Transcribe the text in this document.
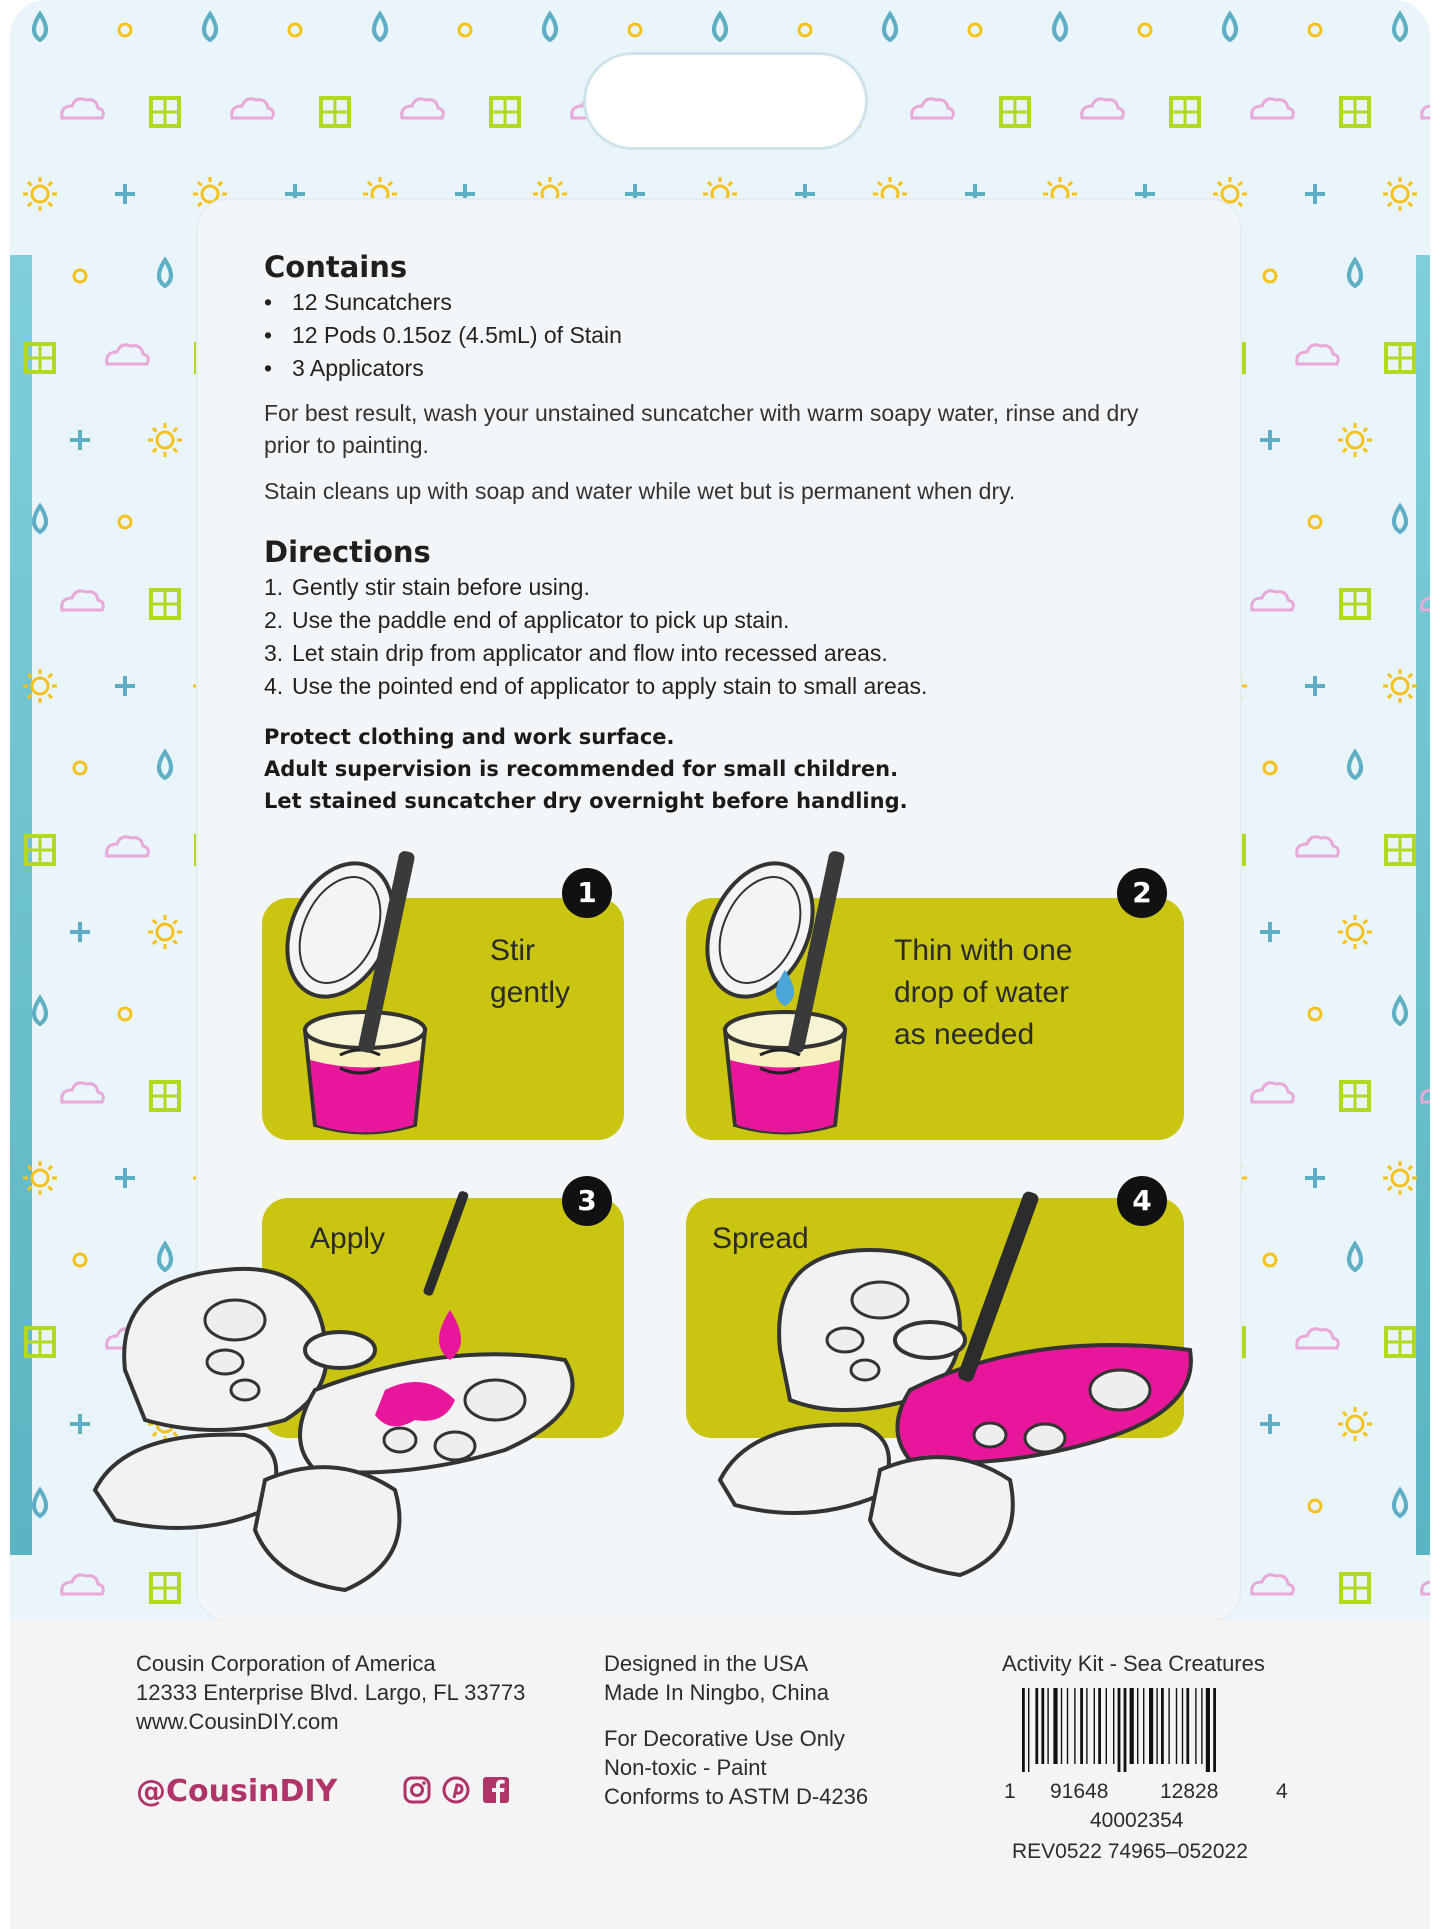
Contains
• 12 Suncatchers
• 12 Pods 0.15oz (4.5mL) of Stain
• 3 Applicators

For best result, wash your unstained suncatcher with warm soapy water, rinse and dry prior to painting.

Stain cleans up with soap and water while wet but is permanent when dry.

Directions
1. Gently stir stain before using.
2. Use the paddle end of applicator to pick up stain.
3. Let stain drip from applicator and flow into recessed areas.
4. Use the pointed end of applicator to apply stain to small areas.
Protect clothing and work surface.
Adult supervision is recommended for small children.
Let stained suncatcher dry overnight before handling.
1
Stir
gently
2
Thin with one
drop of water
as needed
Apply
3
Spread
4
Cousin Corporation of America
12333 Enterprise Blvd. Largo, FL 33773
www.CousinDIY.com
@CousinDIY
Designed in the USA
Made In Ningbo, China
For Decorative Use Only
Non-toxic - Paint
Conforms to ASTM D-4236
Activity Kit - Sea Creatures
1 91648 12828	4
40002354
REV0522 74965–052022
